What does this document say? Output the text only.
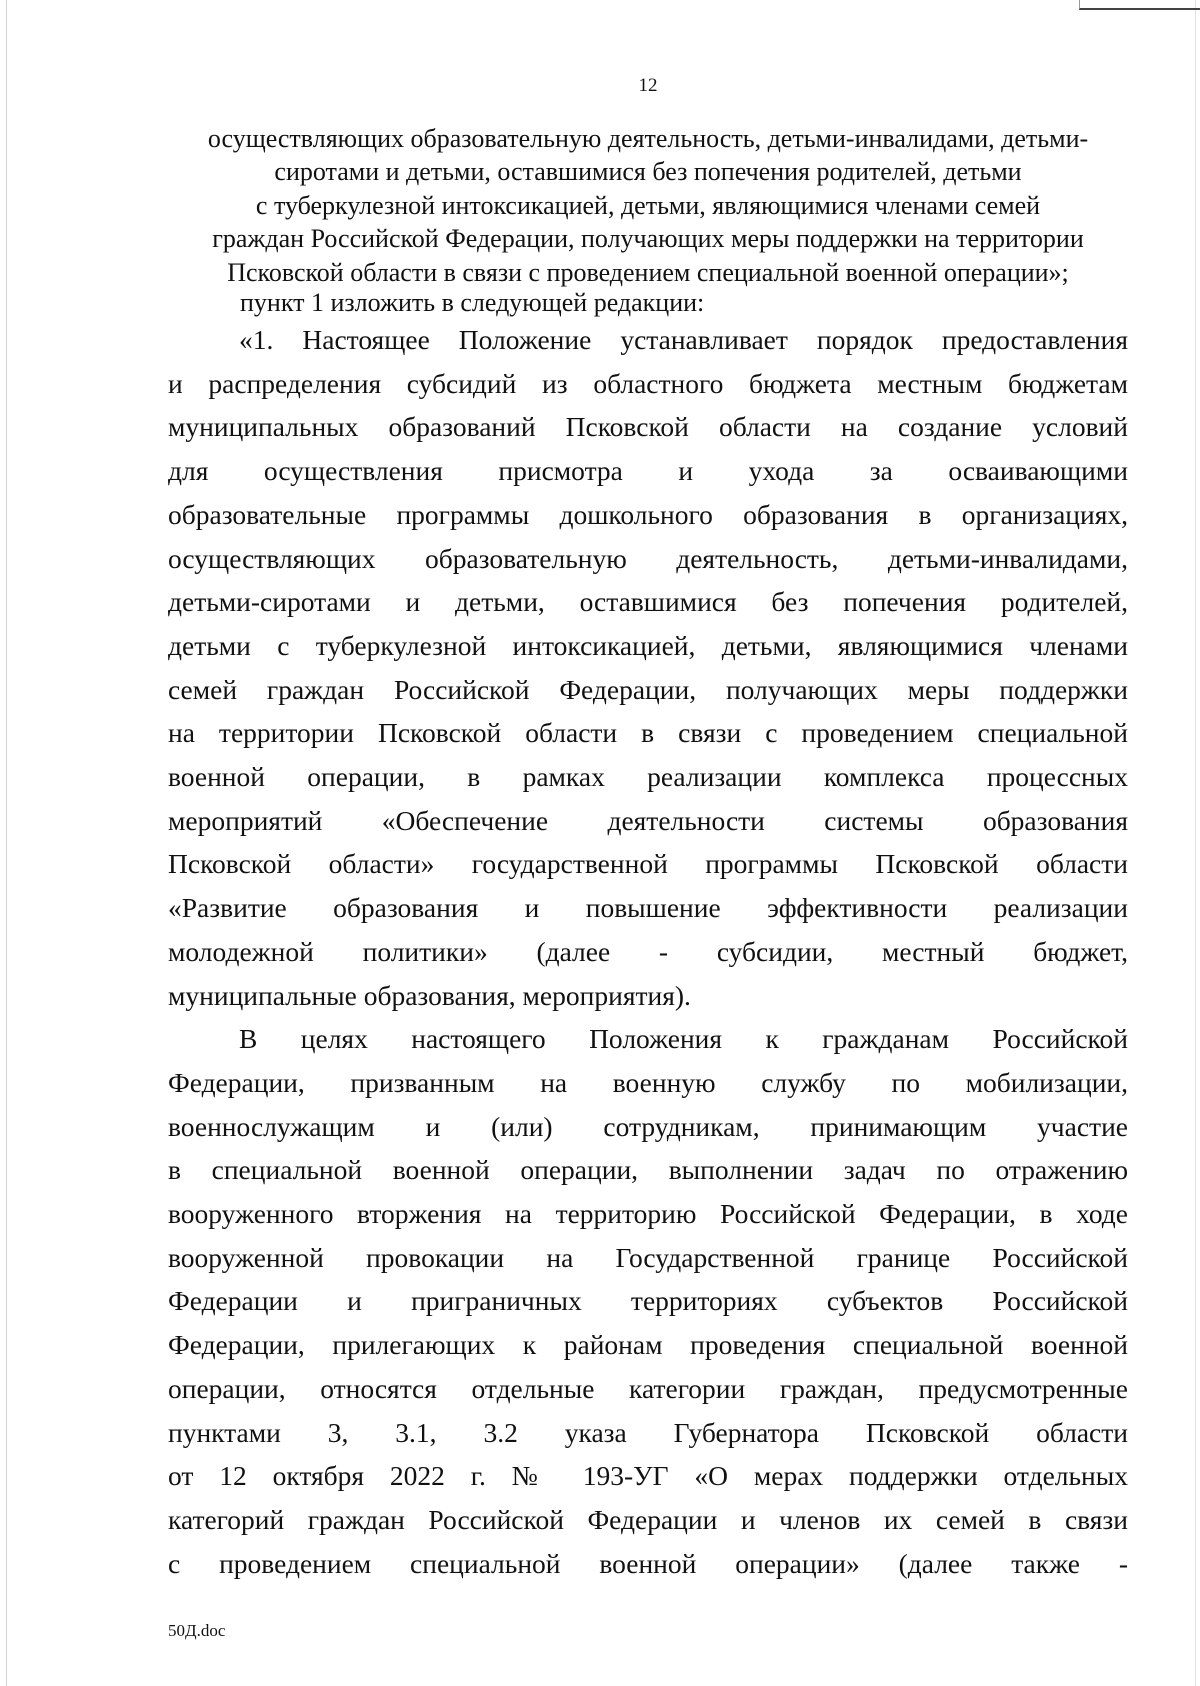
12
осуществляющих образовательную деятельность, детьми-инвалидами, детьми-
сиротами и детьми, оставшимися без попечения родителей, детьми
с туберкулезной интоксикацией, детьми, являющимися членами семей
граждан Российской Федерации, получающих меры поддержки на территории
Псковской области в связи с проведением специальной военной операции»;
пункт 1 изложить в следующей редакции:
«1. Настоящее Положение устанавливает порядок предоставления
и распределения субсидий из областного бюджета местным бюджетам
муниципальных образований Псковской области на создание условий
для осуществления присмотра и ухода за осваивающими
образовательные программы дошкольного образования в организациях,
осуществляющих образовательную деятельность, детьми-инвалидами,
детьми-сиротами и детьми, оставшимися без попечения родителей,
детьми с туберкулезной интоксикацией, детьми, являющимися членами
семей граждан Российской Федерации, получающих меры поддержки
на территории Псковской области в связи с проведением специальной
военной операции, в рамках реализации комплекса процессных
мероприятий «Обеспечение деятельности системы образования
Псковской области» государственной программы Псковской области
«Развитие образования и повышение эффективности реализации
молодежной политики» (далее - субсидии, местный бюджет,
муниципальные образования, мероприятия).
В целях настоящего Положения к гражданам Российской
Федерации, призванным на военную службу по мобилизации,
военнослужащим и (или) сотрудникам, принимающим участие
в специальной военной операции, выполнении задач по отражению
вооруженного вторжения на территорию Российской Федерации, в ходе
вооруженной провокации на Государственной границе Российской
Федерации и приграничных территориях субъектов Российской
Федерации, прилегающих к районам проведения специальной военной
операции, относятся отдельные категории граждан, предусмотренные
пунктами 3, 3.1, 3.2 указа Губернатора Псковской области
от 12 октября 2022 г. № 193-УГ «О мерах поддержки отдельных
категорий граждан Российской Федерации и членов их семей в связи
с проведением специальной военной операции» (далее также -
50Д.doc
